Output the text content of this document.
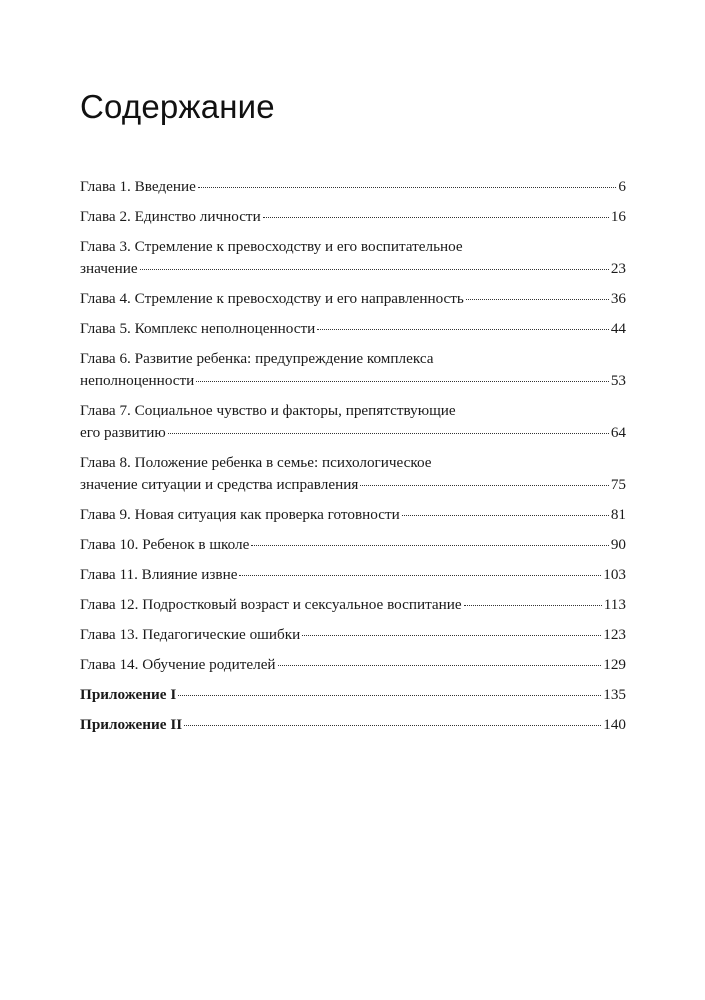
Содержание
Глава 1. Введение	6
Глава 2. Единство личности	16
Глава 3. Стремление к превосходству и его воспитательное
значение	23
Глава 4. Стремление к превосходству и его направленность	36
Глава 5. Комплекс неполноценности	44
Глава 6. Развитие ребенка: предупреждение комплекса
неполноценности	53
Глава 7. Социальное чувство и факторы, препятствующие
его развитию	64
Глава 8. Положение ребенка в семье: психологическое
значение ситуации и средства исправления	75
Глава 9. Новая ситуация как проверка готовности	81
Глава 10. Ребенок в школе	90
Глава 11. Влияние извне	103
Глава 12. Подростковый возраст и сексуальное воспитание	113
Глава 13. Педагогические ошибки	123
Глава 14. Обучение родителей	129
Приложение I	135
Приложение II	140
